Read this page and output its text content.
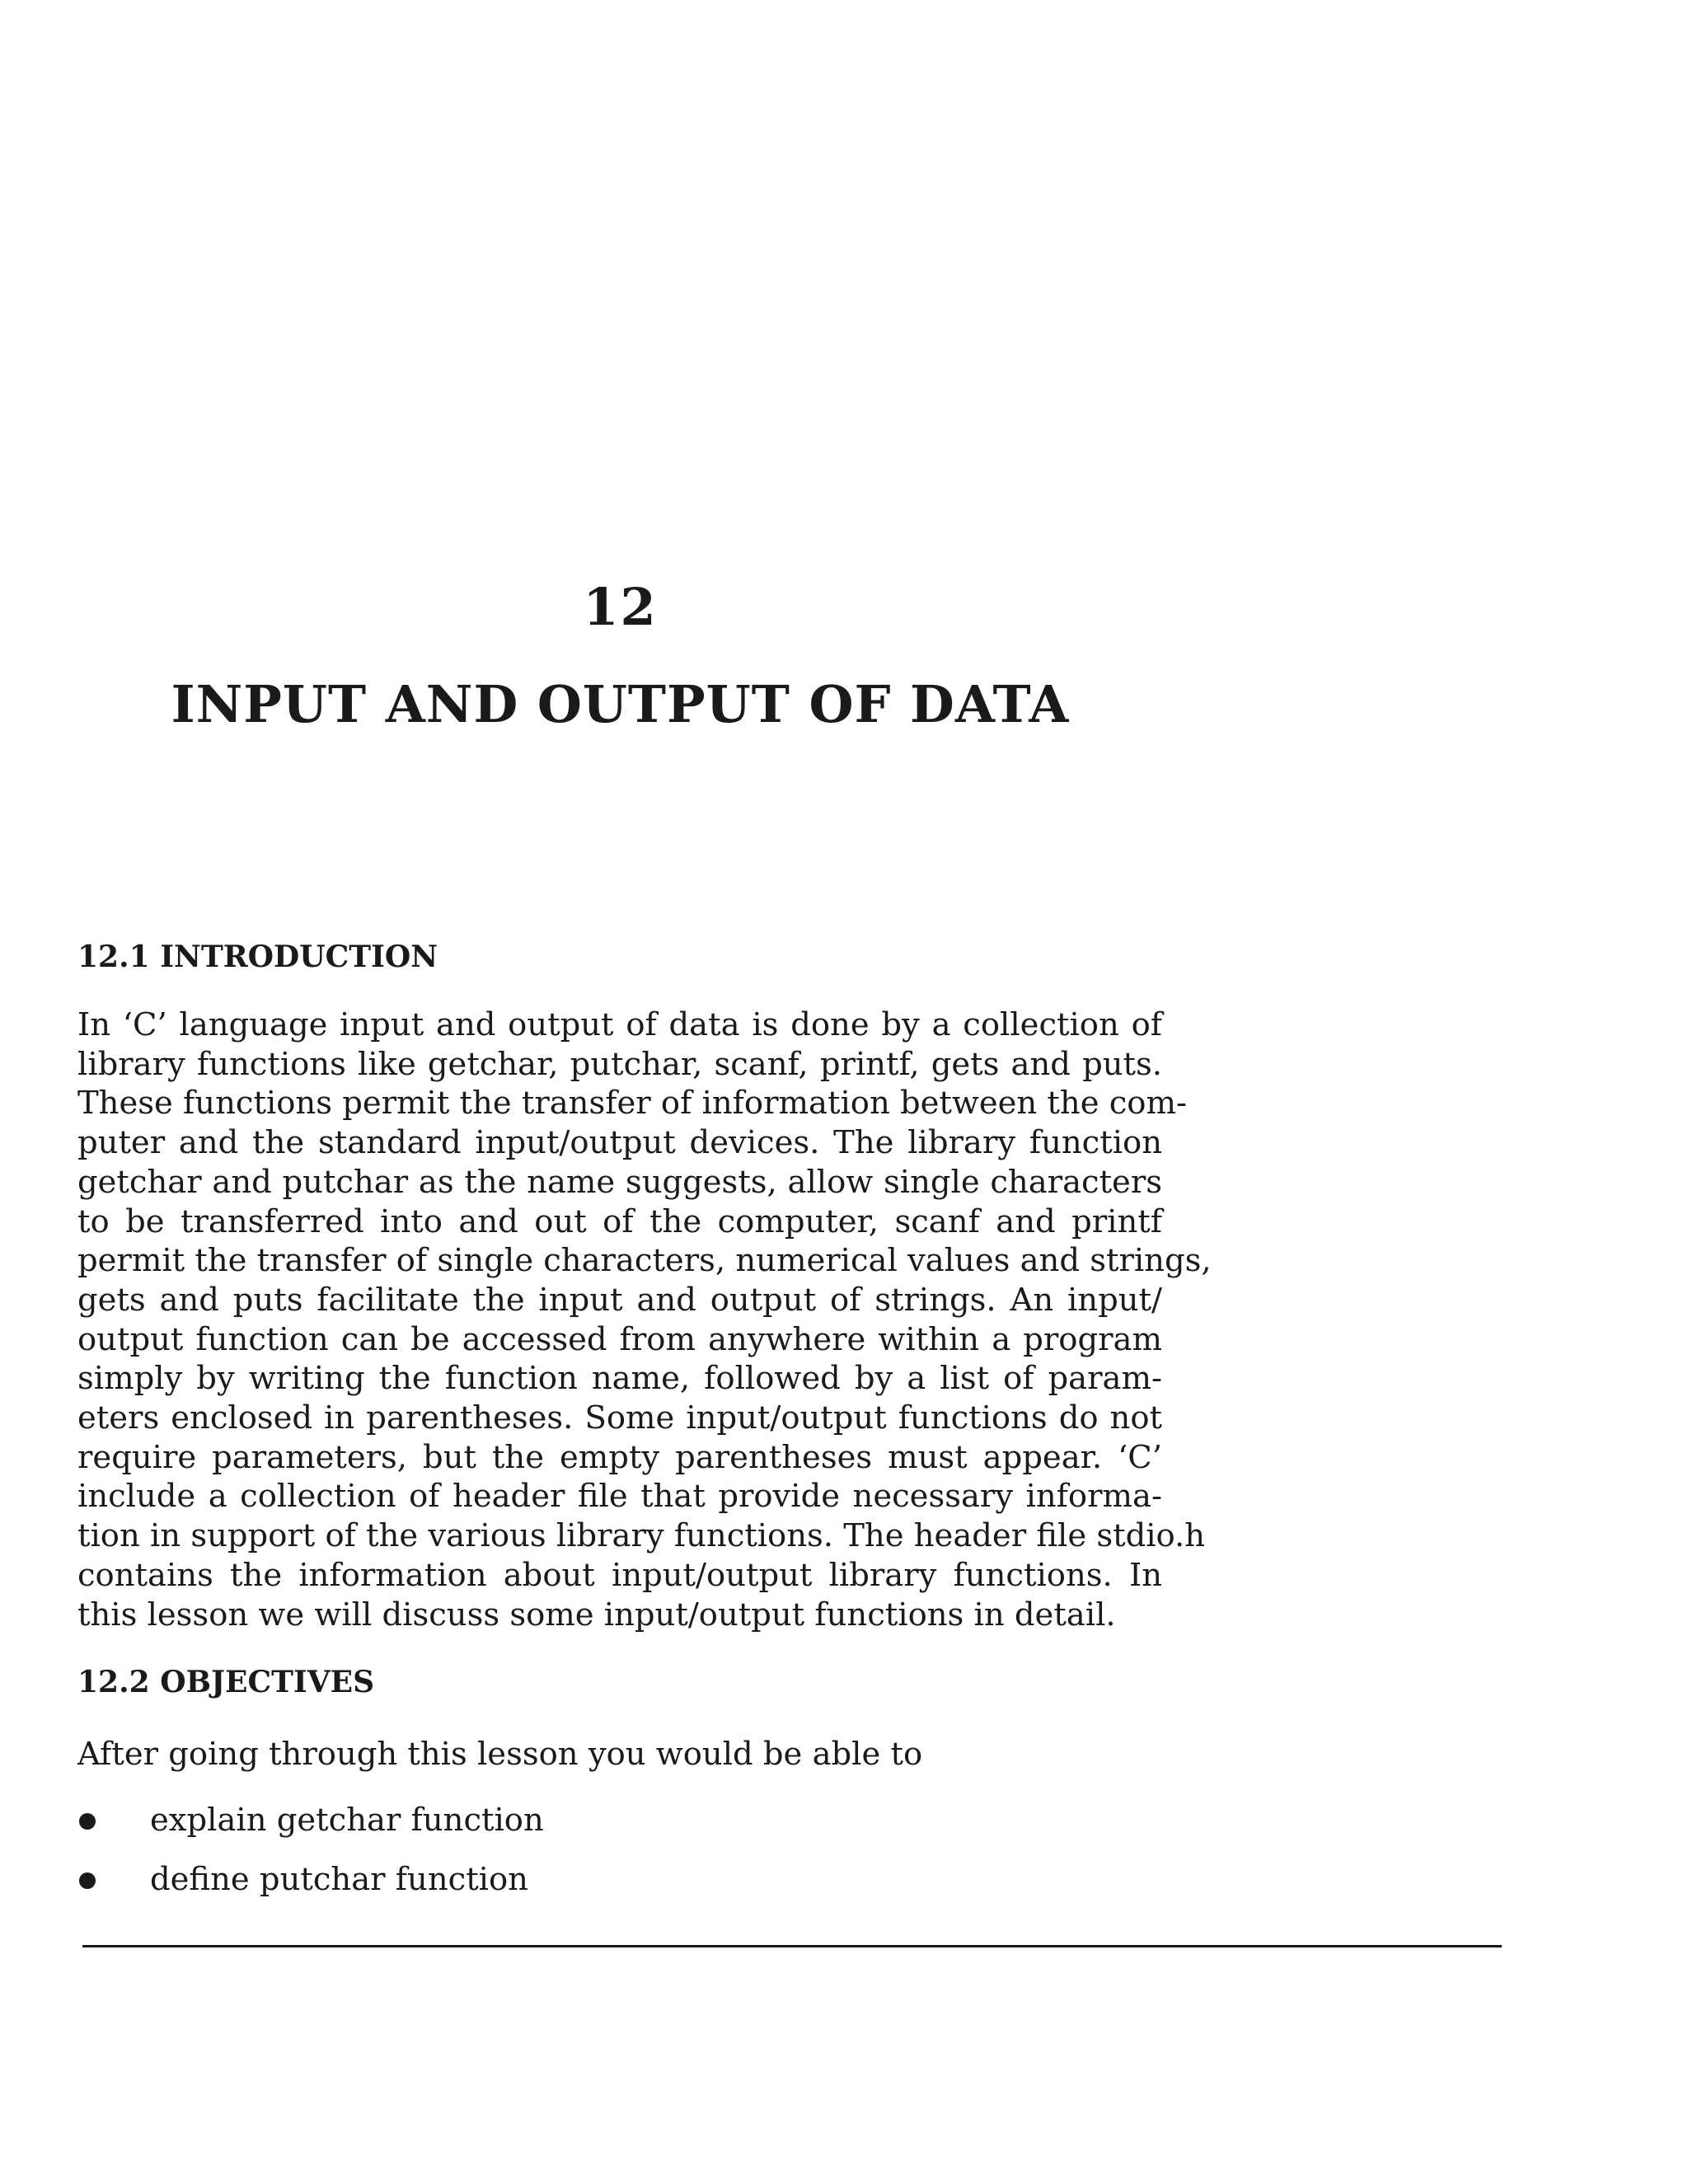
12
INPUT AND OUTPUT OF DATA
12.1 INTRODUCTION
In ‘C’ language input and output of data is done by a collection of
library functions like getchar, putchar, scanf, printf, gets and puts.
These functions permit the transfer of information between the com-
puter and the standard input/output devices. The library function
getchar and putchar as the name suggests, allow single characters
to be transferred into and out of the computer, scanf and printf
permit the transfer of single characters, numerical values and strings,
gets and puts facilitate the input and output of strings. An input/
output function can be accessed from anywhere within a program
simply by writing the function name, followed by a list of param-
eters enclosed in parentheses. Some input/output functions do not
require parameters, but the empty parentheses must appear. ‘C’
include a collection of header file that provide necessary informa-
tion in support of the various library functions. The header file stdio.h
contains the information about input/output library functions. In
this lesson we will discuss some input/output functions in detail.
12.2 OBJECTIVES

After going through this lesson you would be able to

explain getchar function
define putchar function
